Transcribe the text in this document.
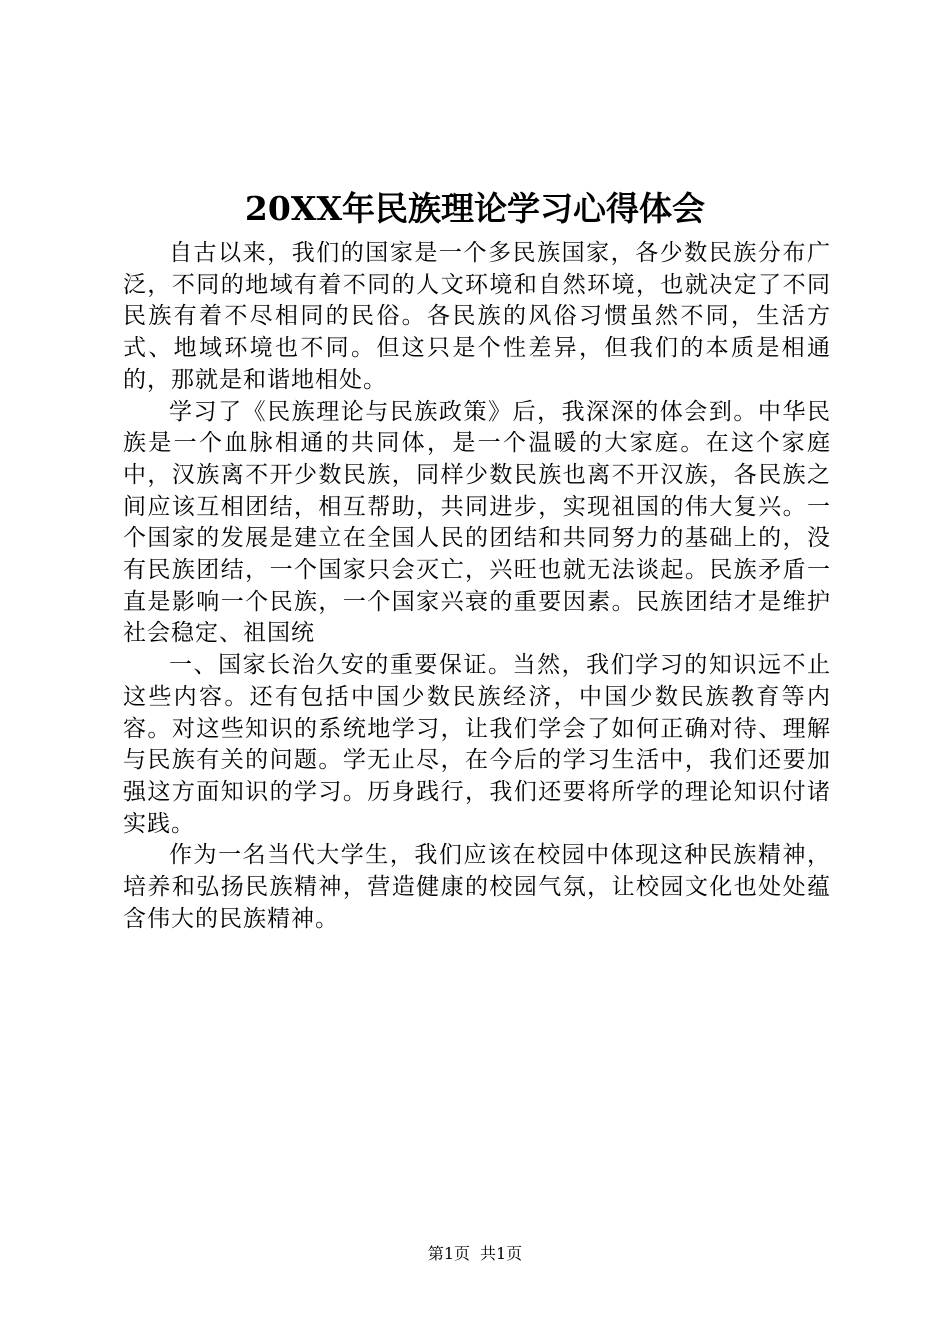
20XX年民族理论学习心得体会

自古以来，我们的国家是一个多民族国家，各少数民族分布广泛，不同的地域有着不同的人文环境和自然环境，也就决定了不同民族有着不尽相同的民俗。各民族的风俗习惯虽然不同，生活方式、地域环境也不同。但这只是个性差异，但我们的本质是相通的，那就是和谐地相处。

学习了《民族理论与民族政策》后，我深深的体会到。中华民族是一个血脉相通的共同体，是一个温暖的大家庭。在这个家庭中，汉族离不开少数民族，同样少数民族也离不开汉族，各民族之间应该互相团结，相互帮助，共同进步，实现祖国的伟大复兴。一个国家的发展是建立在全国人民的团结和共同努力的基础上的，没有民族团结，一个国家只会灭亡，兴旺也就无法谈起。民族矛盾一直是影响一个民族，一个国家兴衰的重要因素。民族团结才是维护社会稳定、祖国统

一、国家长治久安的重要保证。当然，我们学习的知识远不止这些内容。还有包括中国少数民族经济，中国少数民族教育等内容。对这些知识的系统地学习，让我们学会了如何正确对待、理解与民族有关的问题。学无止尽，在今后的学习生活中，我们还要加强这方面知识的学习。历身践行，我们还要将所学的理论知识付诸实践。

作为一名当代大学生，我们应该在校园中体现这种民族精神，培养和弘扬民族精神，营造健康的校园气氛，让校园文化也处处蕴含伟大的民族精神。

第1页 共1页
